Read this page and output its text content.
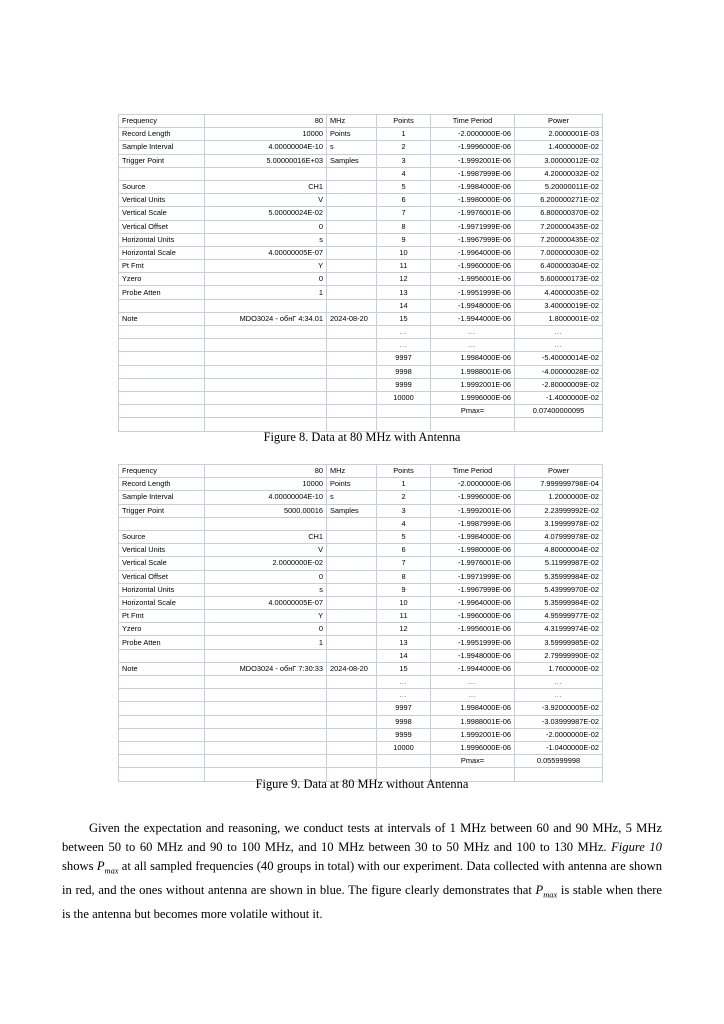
Frequency	80	MHz	Points	Time Period	Power
Record Length	10000	Points	1	-2.0000000E-06	2.0000001E-03
Sample Interval	4.00000004E-10	s	2	-1.9996000E-06	1.4000000E-02
Trigger Point	5.00000016E+03	Samples	3	-1.9992001E-06	3.00000012E-02
			4	-1.9987999E-06	4.20000032E-02
Source	CH1		5	-1.9984000E-06	5.20000011E-02
Vertical Units	V		6	-1.9980000E-06	6.200000271E-02
Vertical Scale	5.00000024E-02		7	-1.9976001E-06	6.800000370E-02
Vertical Offset	0		8	-1.9971999E-06	7.200000435E-02
Horizontal Units	s		9	-1.9967999E-06	7.200000435E-02
Horizontal Scale	4.00000005E-07		10	-1.9964000E-06	7.000000030E-02
Pt Fmt	Y		11	-1.9960000E-06	6.400000304E-02
Yzero	0		12	-1.9956001E-06	5.600000173E-02
Probe Atten	1		13	-1.9951999E-06	4.40000035E-02
			14	-1.9948000E-06	3.40000019E-02
Note	MDO3024 - обнГ 4:34.01	2024-08-20	15	-1.9944000E-06	1.8000001E-02
			…	…	…
			…	…	…
			9997	1.9984000E-06	-5.40000014E-02
			9998	1.9988001E-06	-4.00000028E-02
			9999	1.9992001E-06	-2.80000009E-02
			10000	1.9996000E-06	-1.4000000E-02
				Pmax=	0.07400000095

Figure 8. Data at 80 MHz with Antenna
Frequency	80	MHz	Points	Time Period	Power
Record Length	10000	Points	1	-2.0000000E-06	7.999999798E-04
Sample Interval	4.00000004E-10	s	2	-1.9996000E-06	1.2000000E-02
Trigger Point	5000.00016	Samples	3	-1.9992001E-06	2.23999992E-02
			4	-1.9987999E-06	3.19999978E-02
Source	CH1		5	-1.9984000E-06	4.07999978E-02
Vertical Units	V		6	-1.9980000E-06	4.80000004E-02
Vertical Scale	2.0000000E-02		7	-1.9976001E-06	5.11999987E-02
Vertical Offset	0		8	-1.9971999E-06	5.35999984E-02
Horizontal Units	s		9	-1.9967999E-06	5.43999970E-02
Horizontal Scale	4.00000005E-07		10	-1.9964000E-06	5.35999984E-02
Pt Fmt	Y		11	-1.9960000E-06	4.95999977E-02
Yzero	0		12	-1.9956001E-06	4.31999974E-02
Probe Atten	1		13	-1.9951999E-06	3.59999985E-02
			14	-1.9948000E-06	2.79999990E-02
Note	MDO3024 - обнГ 7:30:33	2024-08-20	15	-1.9944000E-06	1.7600000E-02
			…	…	…
			…	…	…
			9997	1.9984000E-06	-3.92000005E-02
			9998	1.9988001E-06	-3.03999987E-02
			9999	1.9992001E-06	-2.0000000E-02
			10000	1.9996000E-06	-1.0400000E-02
				Pmax=	0.055999998

Figure 9. Data at 80 MHz without Antenna

Given the expectation and reasoning, we conduct tests at intervals of 1 MHz between 60 and 90 MHz, 5 MHz between 50 to 60 MHz and 90 to 100 MHz, and 10 MHz between 30 to 50 MHz and 100 to 130 MHz. Figure 10 shows $P_{max}$ at all sampled frequencies (40 groups in total) with our experiment. Data collected with antenna are shown in red, and the ones without antenna are shown in blue. The figure clearly demonstrates that $P_{max}$ is stable when there is the antenna but becomes more volatile without it.
